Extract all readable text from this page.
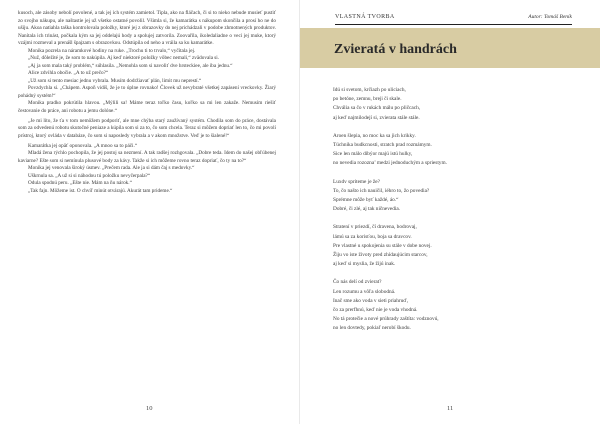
kusoch, ale zásoby nebolí povolené, a tak jej ich systém zamietol. Tipla, ako na fláčach, či si to nieko nebude musieť pustiť zo svojho nákupu, ale naštastie jej už všetko ostatné povolil. Všimla si, že kamarátka s nákupom skončila a prosí ho ne do ušiju. Akoa natiahla taška kontrolovala položky, ktoré jej z obrazovky do nej prichádzali v podobe zhmotnených produktov. Nanítala ich trinást, počkala kým sa jej oddelajú hody a spolujej zatvorila. Zoovařila, ikoledaliadne o veci jej muke, ktorý vzájmi rozmeval a prenášl špajzam s obrazovkou. Odstúpila od neho a vráila sa ku kamarátke.

Monika pozrela na náramkové hodiny na ruke. „Trochu ti to trvalo,“ vyčítala jej.

„Nuž, dôležité je, že som to nakúpila. Aj keď niektoré položky vôbec nemali,“ zvädovala si.

„Aj ja som mala taký problém,“ súhlasila. „Nemohla som si navoliť dve hrsteckiee, ale iba jednu.“

Alice zdvihla obočie. „A to už prečo?“

„Už som si tento mesiac jednu vybrala. Musím dodržiavať plán, limit mu neprestí.“

Povzdychla si. „Chápem. Aspoň vidíš, že je to úplne rovnako! Človek už nevybraté všetkej zapásení vreckovky. Žiarý pohádný systém!“

Monika pradko pokrútila hlavou. „Mýlili sa! Máme teraz toľko času, koľko sa mi len zakaže. Nemusím riešiť čestovanie do práce, ani robotu a jemu dolóne.“

„Je mi líto, že ťa v tom nemôžem podporiť, ale mne chýba starý zaužívaný systém. Chodila som do práce, dostávala som za odvedenú robotu skutočné peniaze a kúpila som si za to, čo som chcela. Teraz si môžem dopriať len to, čo mi povolí prístroj, ktorý ovláda v databáze, čo som si naposledy vybrala a v akom množstve. Veď je to šialené!“

Kamarátka jej opäť oponovala. „A mnoo sa to páči.“

Mladá žena rýchlo pochopila, že jej postoj sa nezmení. A tak radšej rozhgovala. „Dobre teda. Idem do našej obľúbenej kaviarne? Ešte som si nemínula plusové body za kávy. Takže si ich môžeme rovno teraz dopriať, čo ty na to?“

Monika jej venovala široký úsmev. „Prečem rada. Ale ja si dám čaj s medovky.“

Uškrnula sa. „A už si si náhodou tú položku nevyčerpala?“

Odula spodnú peru. „Ešte nie. Mám na ňu nárok.“

„Tak fajn. Môžeme ist. O chvíľ minút otvárajú. Akurát tam prideme.“

10
VLASTNÁ TVORBA	Autor: Tomáš Beník
Zvieratá v handrách
Idú si svetom, krčiazh po uliciach,
po betóne, zemnu, breji či skale.
Chvália sa čo v rukách málu po pličcach,
aj keď najmilodejí si, zvierata stále stále.
Aroen šlepia, no moc ka sa jich krikky.
Túchnika budkcnosti, stratch prad rozmámym.
Sice len málo dibýor majú istú hulky,
no nevedia rozozna’ medzi jednoduchým a spriestym.
Luxdv spriteme je že?
To, čo našto ich nauičil, iéhro to, žo povedia?
Sprémne môže byť každé, áo.“
Dobré, či zlé, aj tak ničnevedia.
Stratení v priezdí, čí dravena, bodrovaj,
lámú sa za korisťou, boja sa dravcov.
Pre vlastné u spokojenia su stále v dobe novej.
Žiju vo iste životy pred zhídaujúcim starcov,
aj keď si myslia, že žijú inak.
Čo nás delí od zvierat?
Len rozumu a vôľa slobodná.
Inač sme ako voda v sieti priahruď,
čo za prerfhnú, keď nie je voda vhodná.
No tá protečie a nové prúhrady zaštíta: vodznovú,
no len dovtedy, pokiaľ nerobí škodu.
11
